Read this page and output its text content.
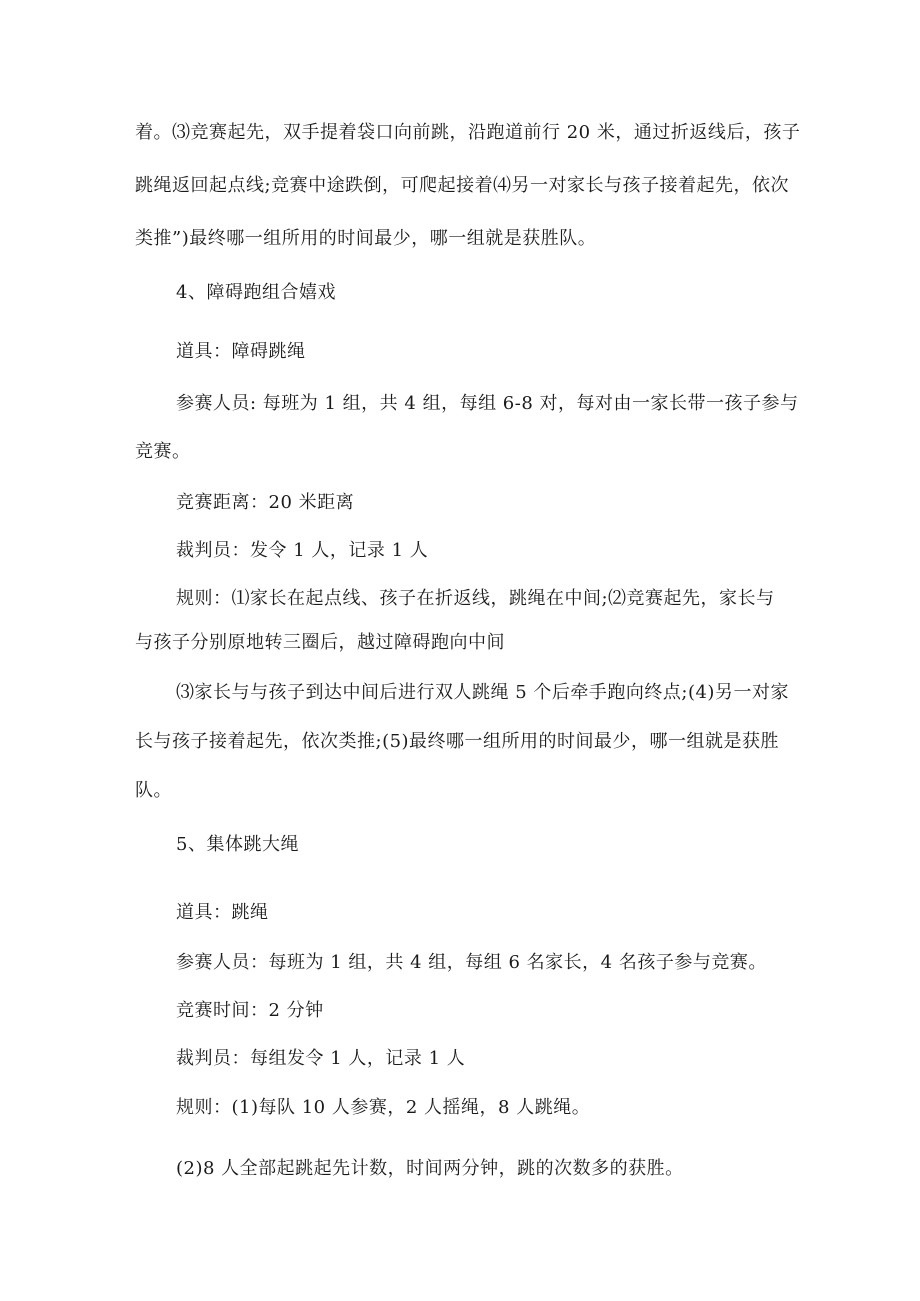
着。⑶竞赛起先，双手提着袋口向前跳，沿跑道前行 20 米，通过折返线后，孩子
跳绳返回起点线;竞赛中途跌倒，可爬起接着⑷另一对家长与孩子接着起先，依次
类推”)最终哪一组所用的时间最少，哪一组就是获胜队。
4、障碍跑组合嬉戏
道具：障碍跳绳
参赛人员: 每班为 1 组，共 4 组，每组 6-8 对，每对由一家长带一孩子参与
竞赛。
竞赛距离：20 米距离
裁判员：发令 1 人，记录 1 人
规则：⑴家长在起点线、孩子在折返线，跳绳在中间;⑵竞赛起先，家长与
与孩子分别原地转三圈后，越过障碍跑向中间
⑶家长与与孩子到达中间后进行双人跳绳 5 个后牵手跑向终点;(4)另一对家
长与孩子接着起先，依次类推;(5)最终哪一组所用的时间最少，哪一组就是获胜
队。
5、集体跳大绳
道具：跳绳
参赛人员：每班为 1 组，共 4 组，每组 6 名家长，4 名孩子参与竞赛。
竞赛时间：2 分钟
裁判员：每组发令 1 人，记录 1 人
规则：(1)每队 10 人参赛，2 人摇绳，8 人跳绳。
(2)8 人全部起跳起先计数，时间两分钟，跳的次数多的获胜。
